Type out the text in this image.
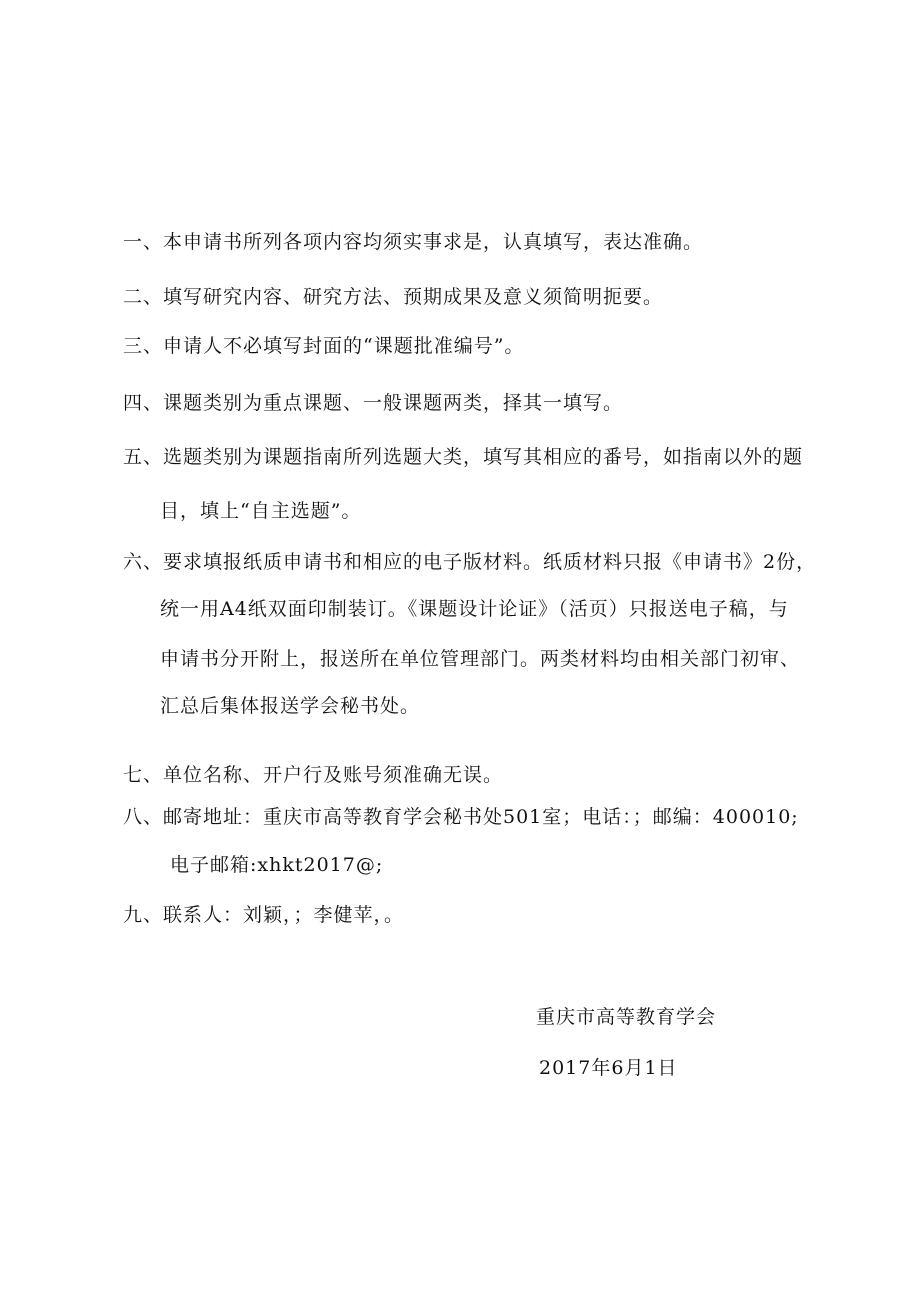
一、本申请书所列各项内容均须实事求是，认真填写，表达准确。
二、填写研究内容、研究方法、预期成果及意义须简明扼要。
三、申请人不必填写封面的“课题批准编号”。
四、课题类别为重点课题、一般课题两类，择其一填写。
五、选题类别为课题指南所列选题大类，填写其相应的番号，如指南以外的题
目，填上“自主选题”。
六、要求填报纸质申请书和相应的电子版材料。纸质材料只报《申请书》2份，
统一用A4纸双面印制装订。《课题设计论证》（活页）只报送电子稿，与
申请书分开附上，报送所在单位管理部门。两类材料均由相关部门初审、
汇总后集体报送学会秘书处。
七、单位名称、开户行及账号须准确无误。
八、邮寄地址：重庆市高等教育学会秘书处501室；电话：；邮编：400010;
电子邮箱:xhkt2017@;
九、联系人：刘颖，；李健苹，。
重庆市高等教育学会
2017年6月1日
